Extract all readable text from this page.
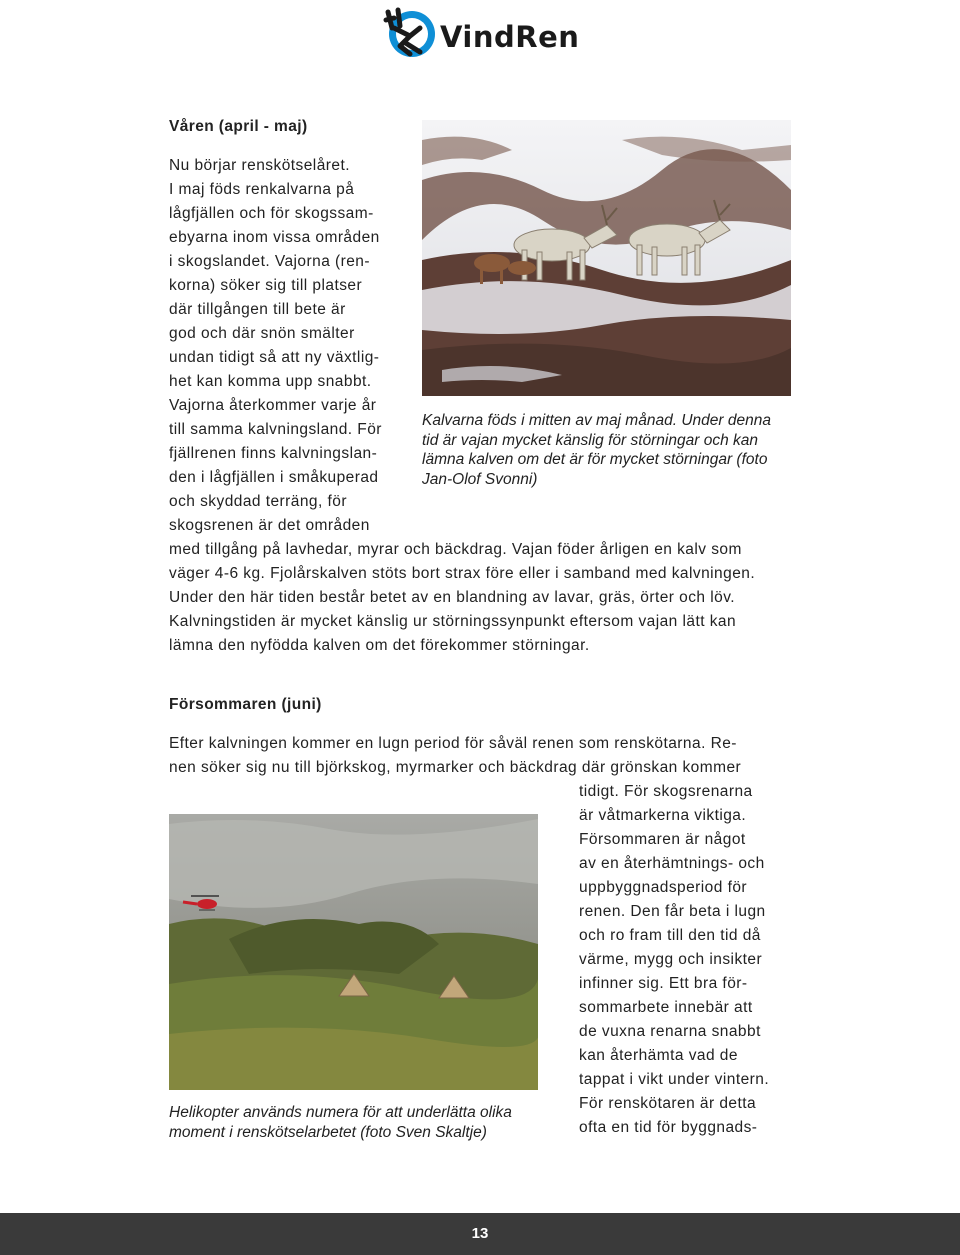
VindRen
Våren (april - maj)
Nu börjar renskötselåret.
I maj föds renkalvarna på
lågfjällen och för skogssam-
ebyarna inom vissa områden
i skogslandet. Vajorna (ren-
korna) söker sig till platser
där tillgången till bete är
god och där snön smälter
undan tidigt så att ny växtlig-
het kan komma upp snabbt.
Vajorna återkommer varje år
till samma kalvningsland. För
fjällrenen finns kalvningslan-
den i lågfjällen i småkuperad
och skyddad terräng, för
skogsrenen är det områden
med tillgång på lavhedar, myrar och bäckdrag. Vajan föder årligen en kalv som
väger 4-6 kg. Fjolårskalven stöts bort strax före eller i samband med kalvningen.
Under den här tiden består betet av en blandning av lavar, gräs, örter och löv.
Kalvningstiden är mycket känslig ur störningssynpunkt eftersom vajan lätt kan
lämna den nyfödda kalven om det förekommer störningar.
Kalvarna föds i mitten av maj månad. Under denna
tid är vajan mycket känslig för störningar och kan
lämna kalven om det är för mycket störningar (foto
Jan-Olof Svonni)
Försommaren (juni)
Efter kalvningen kommer en lugn period för såväl renen som renskötarna. Re-
nen söker sig nu till björkskog, myrmarker och bäckdrag där grönskan kommer
tidigt. För skogsrenarna
är våtmarkerna viktiga.
Försommaren är något
av en återhämtnings- och
uppbyggnadsperiod för
renen. Den får beta i lugn
och ro fram till den tid då
värme, mygg och insikter
infinner sig. Ett bra för-
sommarbete innebär att
de vuxna renarna snabbt
kan återhämta vad de
tappat i vikt under vintern.
För renskötaren är detta
ofta en tid för byggnads-
Helikopter används numera för att underlätta olika
moment i renskötselarbetet (foto Sven Skaltje)
13
